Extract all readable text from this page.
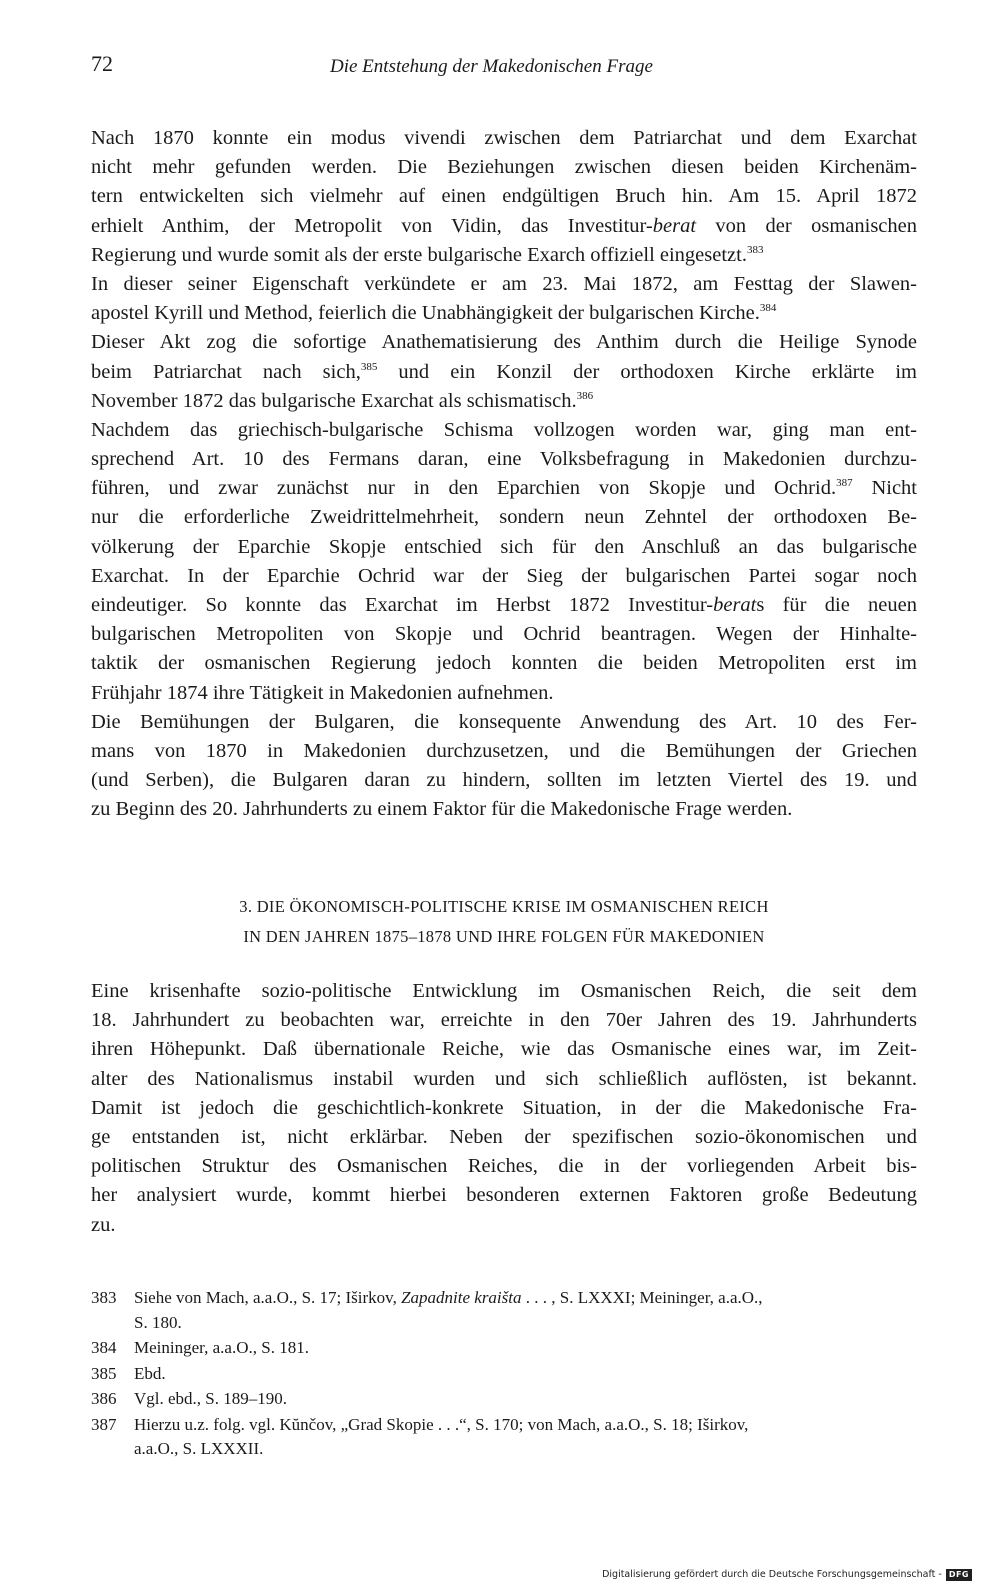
72	Die Entstehung der Makedonischen Frage
Nach 1870 konnte ein modus vivendi zwischen dem Patriarchat und dem Exarchat
nicht mehr gefunden werden. Die Beziehungen zwischen diesen beiden Kirchenäm-
tern entwickelten sich vielmehr auf einen endgültigen Bruch hin. Am 15. April 1872
erhielt Anthim, der Metropolit von Vidin, das Investitur-berat von der osmanischen
Regierung und wurde somit als der erste bulgarische Exarch offiziell eingesetzt.$^{383}$
In dieser seiner Eigenschaft verkündete er am 23. Mai 1872, am Festtag der Slawen-
apostel Kyrill und Method, feierlich die Unabhängigkeit der bulgarischen Kirche.$^{384}$
Dieser Akt zog die sofortige Anathematisierung des Anthim durch die Heilige Synode
beim Patriarchat nach sich,$^{385}$ und ein Konzil der orthodoxen Kirche erklärte im
November 1872 das bulgarische Exarchat als schismatisch.$^{386}$
Nachdem das griechisch-bulgarische Schisma vollzogen worden war, ging man ent-
sprechend Art. 10 des Fermans daran, eine Volksbefragung in Makedonien durchzu-
führen, und zwar zunächst nur in den Eparchien von Skopje und Ochrid.$^{387}$ Nicht
nur die erforderliche Zweidrittelmehrheit, sondern neun Zehntel der orthodoxen Be-
völkerung der Eparchie Skopje entschied sich für den Anschluß an das bulgarische
Exarchat. In der Eparchie Ochrid war der Sieg der bulgarischen Partei sogar noch
eindeutiger. So konnte das Exarchat im Herbst 1872 Investitur-berats für die neuen
bulgarischen Metropoliten von Skopje und Ochrid beantragen. Wegen der Hinhalte-
taktik der osmanischen Regierung jedoch konnten die beiden Metropoliten erst im
Frühjahr 1874 ihre Tätigkeit in Makedonien aufnehmen.
Die Bemühungen der Bulgaren, die konsequente Anwendung des Art. 10 des Fer-
mans von 1870 in Makedonien durchzusetzen, und die Bemühungen der Griechen
(und Serben), die Bulgaren daran zu hindern, sollten im letzten Viertel des 19. und
zu Beginn des 20. Jahrhunderts zu einem Faktor für die Makedonische Frage werden.
3. DIE ÖKONOMISCH-POLITISCHE KRISE IM OSMANISCHEN REICH
IN DEN JAHREN 1875–1878 UND IHRE FOLGEN FÜR MAKEDONIEN
Eine krisenhafte sozio-politische Entwicklung im Osmanischen Reich, die seit dem
18. Jahrhundert zu beobachten war, erreichte in den 70er Jahren des 19. Jahrhunderts
ihren Höhepunkt. Daß übernationale Reiche, wie das Osmanische eines war, im Zeit-
alter des Nationalismus instabil wurden und sich schließlich auflösten, ist bekannt.
Damit ist jedoch die geschichtlich-konkrete Situation, in der die Makedonische Fra-
ge entstanden ist, nicht erklärbar. Neben der spezifischen sozio-ökonomischen und
politischen Struktur des Osmanischen Reiches, die in der vorliegenden Arbeit bis-
her analysiert wurde, kommt hierbei besonderen externen Faktoren große Bedeutung
zu.
383	Siehe von Mach, a.a.O., S. 17; Iširkov, Zapadnite kraišta . . . , S. LXXXI; Meininger, a.a.O.,
S. 180.
384	Meininger, a.a.O., S. 181.
385	Ebd.
386	Vgl. ebd., S. 189–190.
387	Hierzu u.z. folg. vgl. Kŭnčov, „Grad Skopie . . .“, S. 170; von Mach, a.a.O., S. 18; Iširkov,
a.a.O., S. LXXXII.
Digitalisierung gefördert durch die Deutsche Forschungsgemeinschaft - DFG
